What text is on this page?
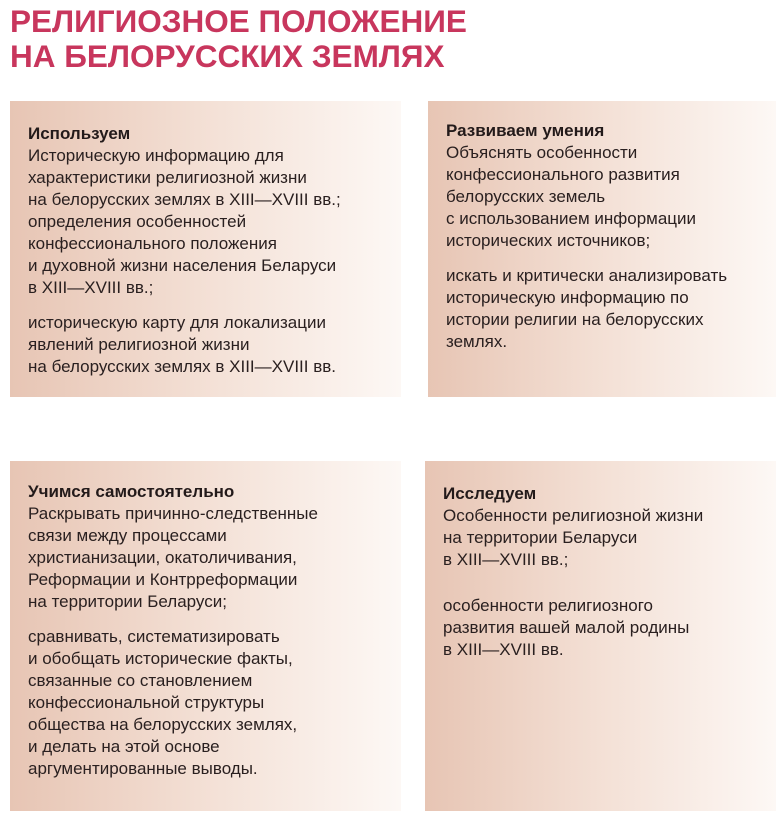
РЕЛИГИОЗНОЕ ПОЛОЖЕНИЕ
НА БЕЛОРУССКИХ ЗЕМЛЯХ
Используем
Историческую информацию для
характеристики религиозной жизни
на белорусских землях в XIII—XVIII вв.;
определения особенностей
конфессионального положения
и духовной жизни населения Беларуси
в XIII—XVIII вв.;
историческую карту для локализации
явлений религиозной жизни
на белорусских землях в XIII—XVIII вв.
Развиваем умения
Объяснять особенности
конфессионального развития
белорусских земель
с использованием информации
исторических источников;
искать и критически анализировать
историческую информацию по
истории религии на белорусских
землях.
Учимся самостоятельно
Раскрывать причинно-следственные
связи между процессами
христианизации, окатоличивания,
Реформации и Контрреформации
на территории Беларуси;
сравнивать, систематизировать
и обобщать исторические факты,
связанные со становлением
конфессиональной структуры
общества на белорусских землях,
и делать на этой основе
аргументированные выводы.
Исследуем
Особенности религиозной жизни
на территории Беларуси
в XIII—XVIII вв.;
особенности религиозного
развития вашей малой родины
в XIII—XVIII вв.
